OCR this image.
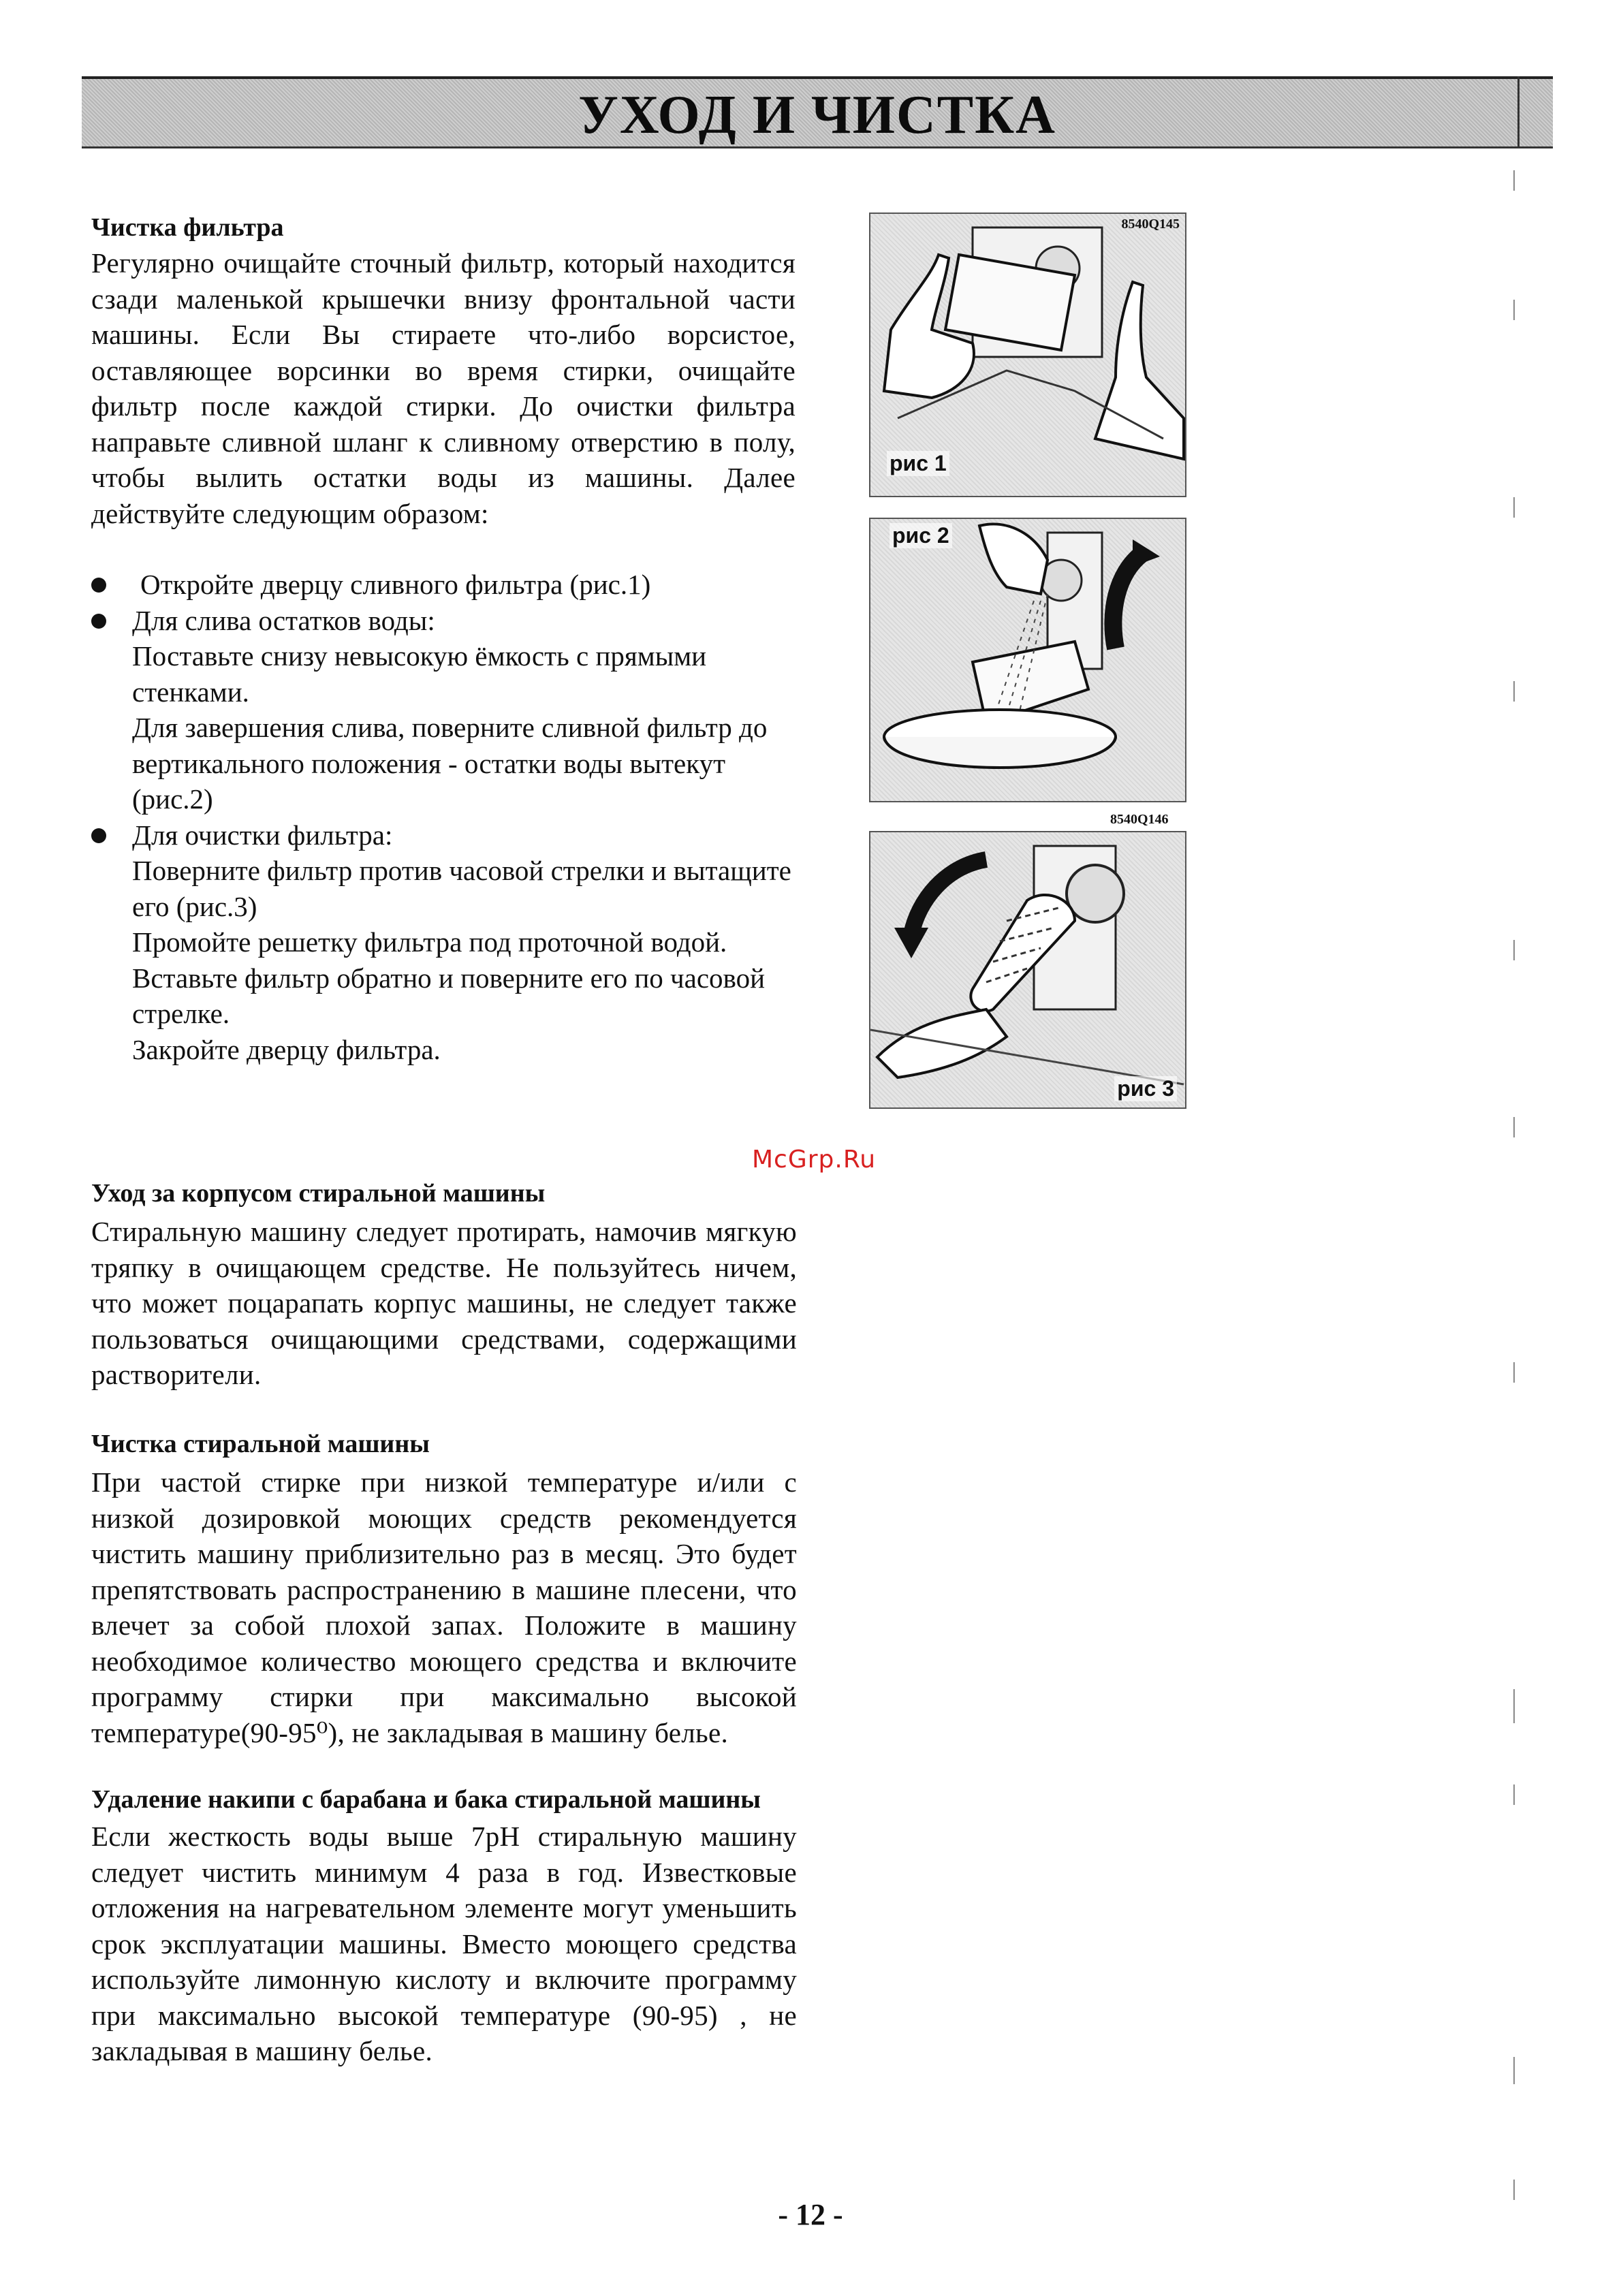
УХОД И ЧИСТКА
Чистка фильтра

Регулярно очищайте сточный фильтр, который находится сзади маленькой крышечки внизу фронтальной части машины. Если Вы стираете что-либо ворсистое, оставляющее ворсинки во время стирки, очищайте фильтр после каждой стирки. До очистки фильтра направьте сливной шланг к сливному отверстию в полу, чтобы вылить остатки воды из машины. Далее действуйте следующим образом:

Откройте дверцу сливного фильтра (рис.1)
Для слива остатков воды:
Поставьте снизу невысокую ёмкость с прямыми стенками.
Для завершения слива, поверните сливной фильтр до вертикального положения - остатки воды вытекут (рис.2)
Для очистки фильтра:
Поверните фильтр против часовой стрелки и вытащите его (рис.3)
Промойте решетку фильтра под проточной водой.
Вставьте фильтр обратно и поверните его по часовой стрелке.
Закройте дверцу фильтра.
8540Q145
рис 1
рис 2
рис 3
8540Q146
McGrp.Ru
Уход за корпусом стиральной машины

Стиральную машину следует протирать, намочив мягкую тряпку в очищающем средстве. Не пользуйтесь ничем, что может поцарапать корпус машины, не следует также пользоваться очищающими средствами, содержащими растворители.

Чистка стиральной машины

При частой стирке при низкой температуре и/или с низкой дозировкой моющих средств рекомендуется чистить машину приблизительно раз в месяц. Это будет препятствовать распространению в машине плесени, что влечет за собой плохой запах. Положите в машину необходимое количество моющего средства и включите программу стирки при максимально высокой температуре(90-95⁰), не закладывая в машину белье.

Удаление накипи с барабана и бака стиральной машины

Если жесткость воды выше 7pH стиральную машину следует чистить минимум 4 раза в год. Известковые отложения на нагревательном элементе могут уменьшить срок эксплуатации машины. Вместо моющего средства используйте лимонную кислоту и включите программу при максимально высокой температуре (90-95) , не закладывая в машину белье.

- 12 -
